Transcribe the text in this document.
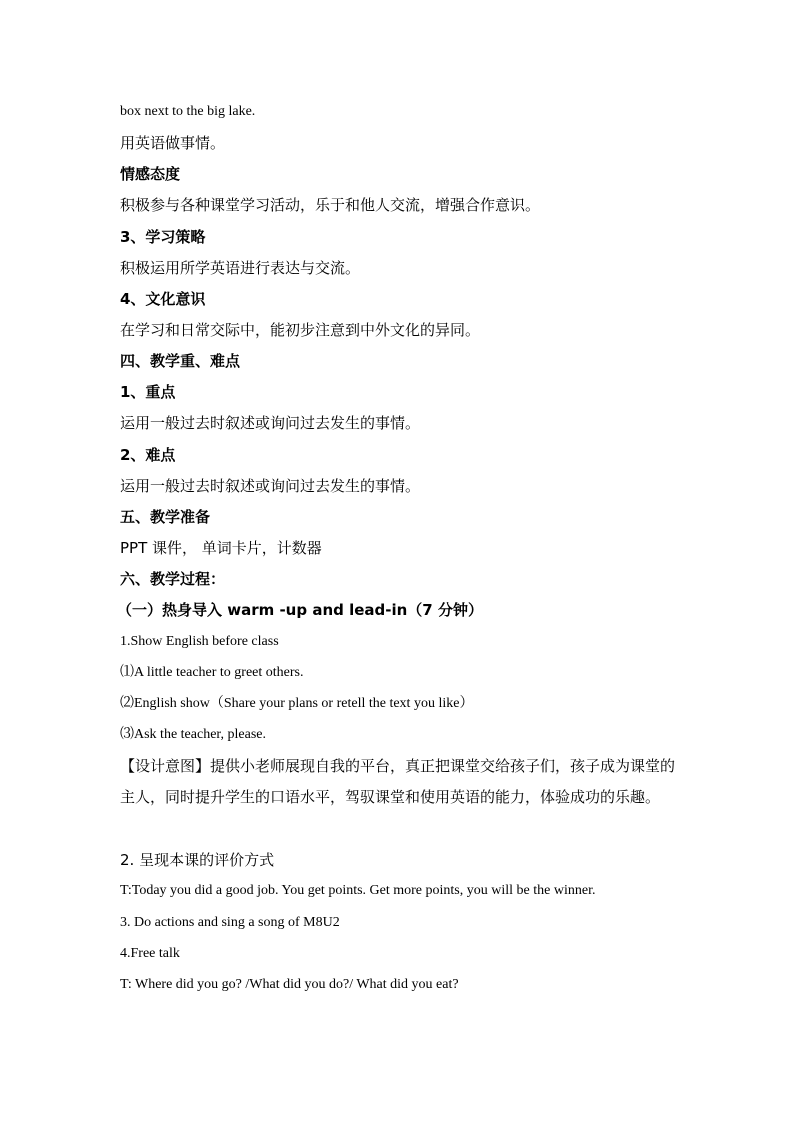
box next to the big lake.
用英语做事情。
情感态度
积极参与各种课堂学习活动，乐于和他人交流，增强合作意识。
3、学习策略
积极运用所学英语进行表达与交流。
4、文化意识
在学习和日常交际中，能初步注意到中外文化的异同。
四、教学重、难点
1、重点
运用一般过去时叙述或询问过去发生的事情。
2、难点
运用一般过去时叙述或询问过去发生的事情。
五、教学准备
PPT 课件， 单词卡片，计数器
六、教学过程：
（一）热身导入 warm -up and lead-in（7 分钟）
1.Show English before class
⑴A little teacher to greet others.
⑵English show（Share your plans or retell the text you like）
⑶Ask the teacher, please.
【设计意图】提供小老师展现自我的平台，真正把课堂交给孩子们，孩子成为课堂的主人，同时提升学生的口语水平，驾驭课堂和使用英语的能力，体验成功的乐趣。
2. 呈现本课的评价方式
T:Today you did a good job. You get points. Get more points, you will be the winner.
3. Do actions and sing a song of M8U2
4.Free talk
T: Where did you go? /What did you do?/ What did you eat?
